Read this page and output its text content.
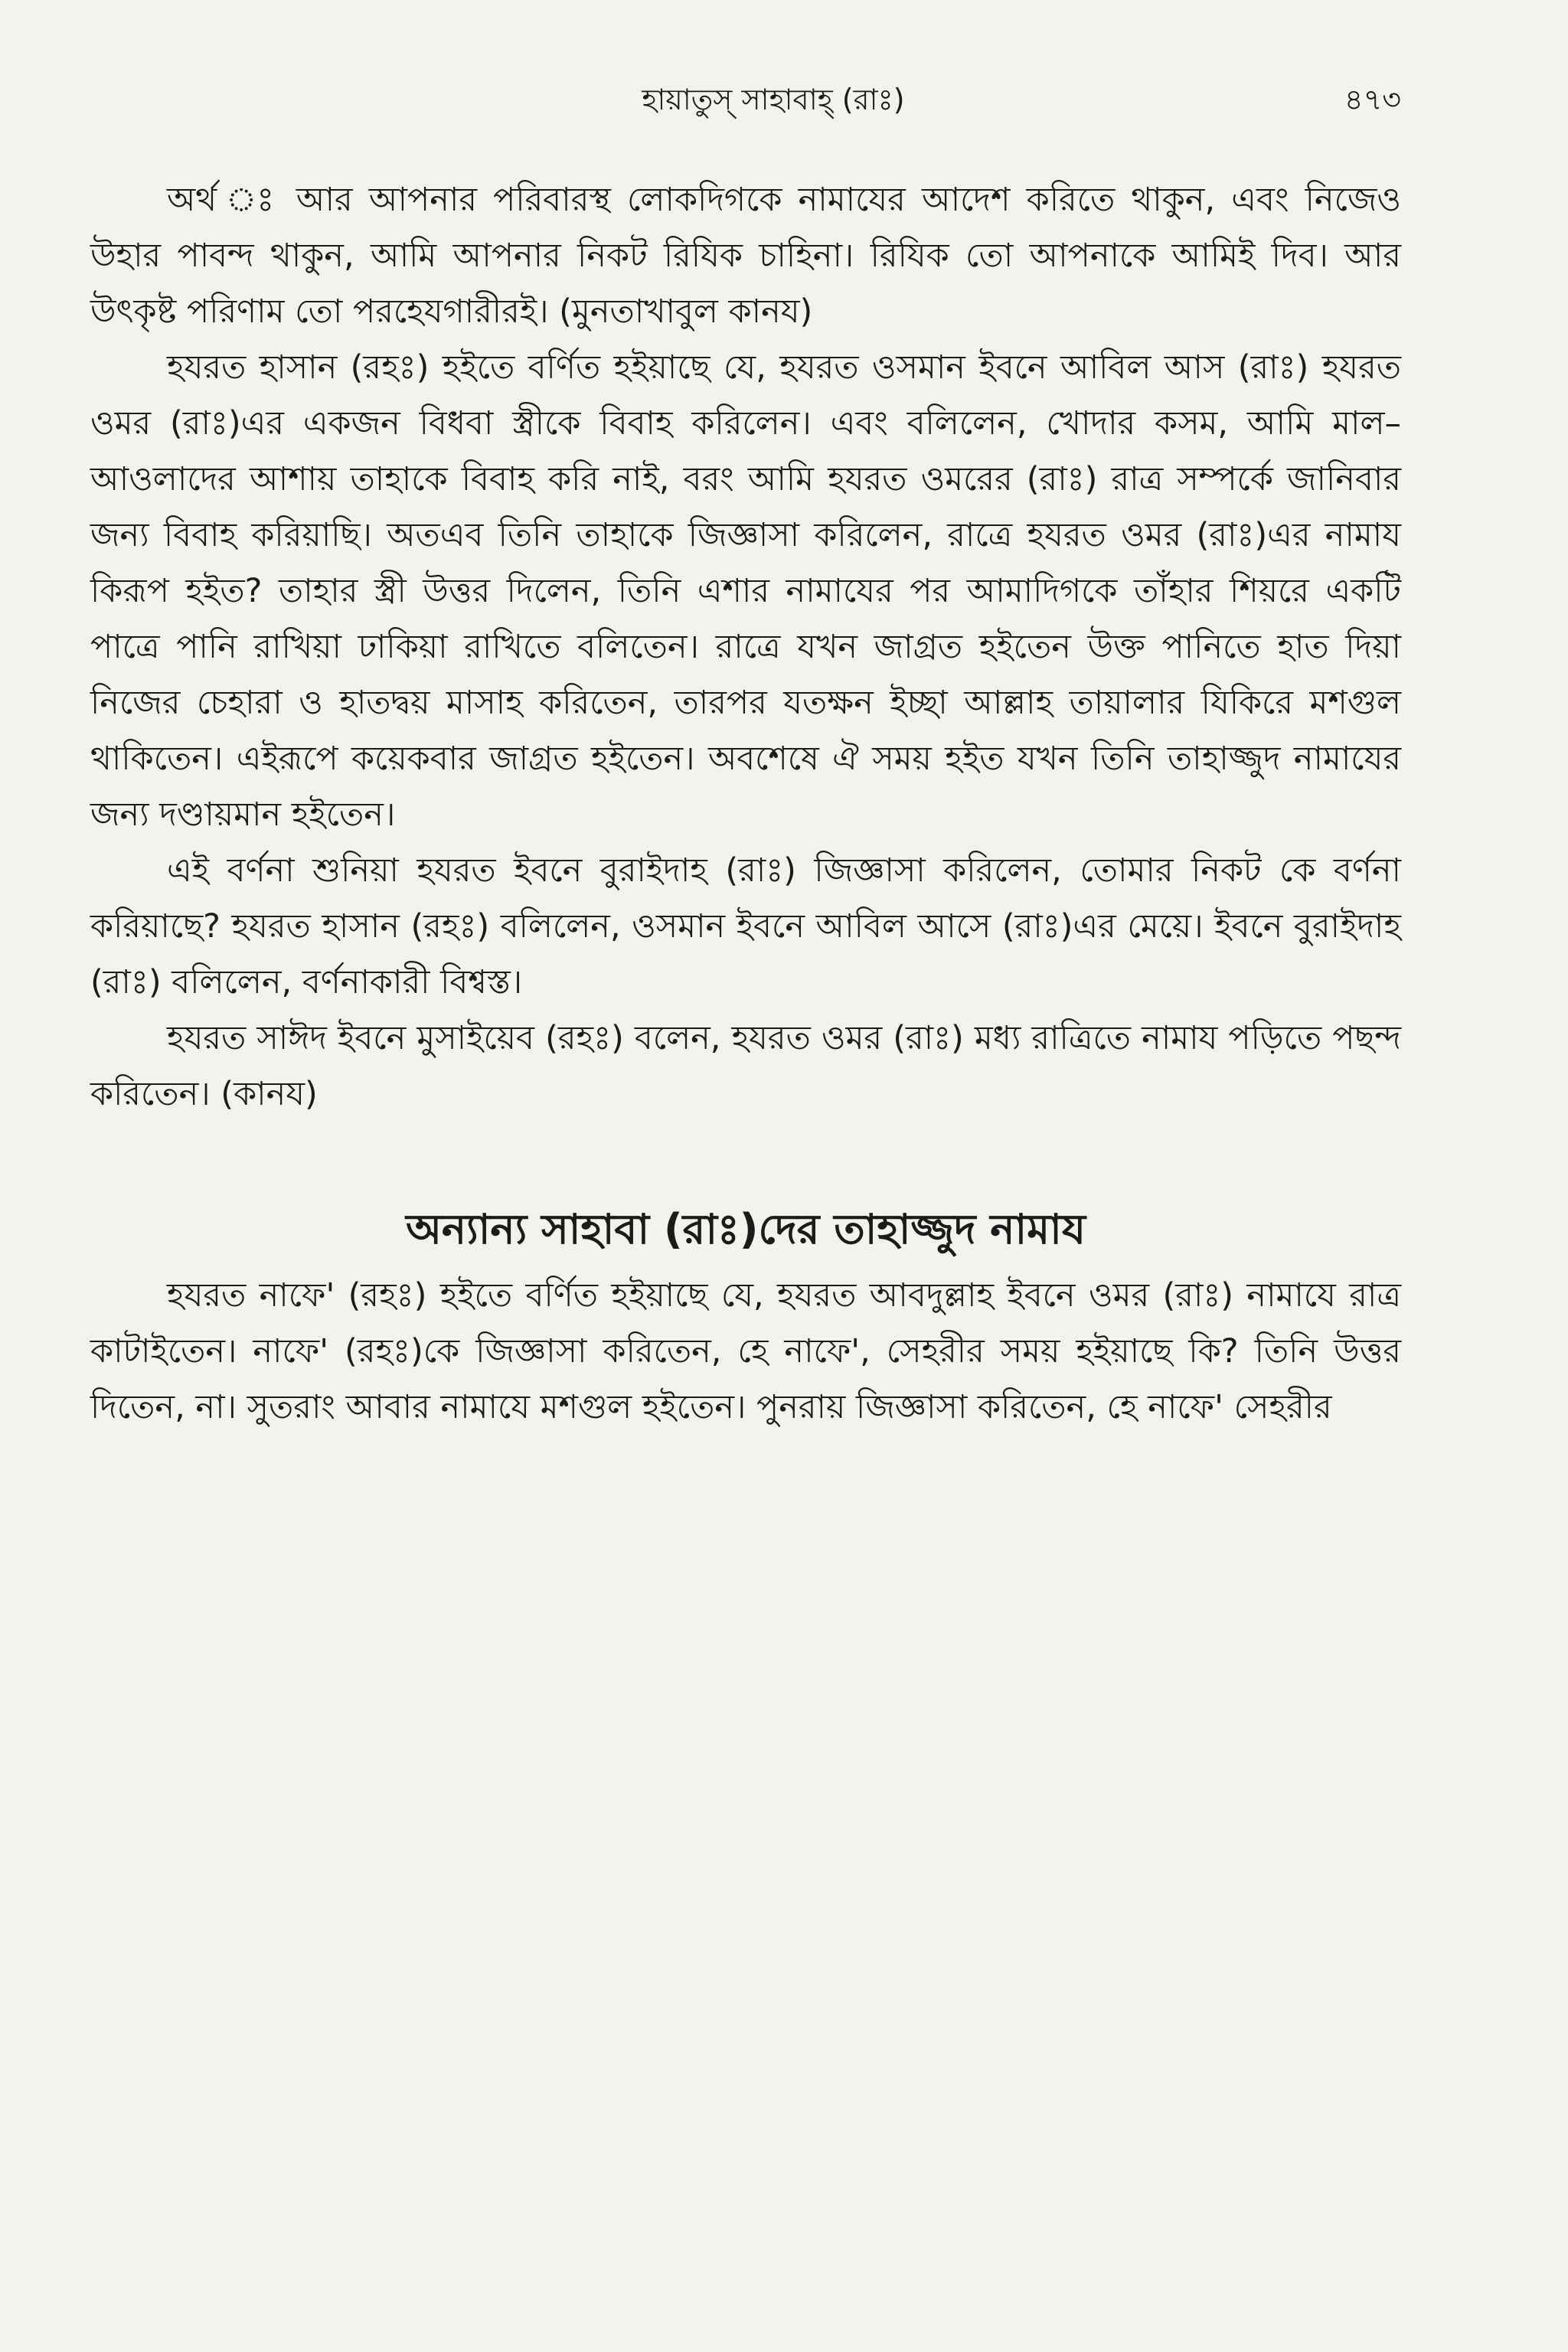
হায়াতুস্ সাহাবাহ্ (রাঃ)	৪৭৩

অর্থ ঃ আর আপনার পরিবারস্থ লোকদিগকে নামাযের আদেশ করিতে থাকুন, এবং নিজেও উহার পাবন্দ থাকুন, আমি আপনার নিকট রিযিক চাহিনা। রিযিক তো আপনাকে আমিই দিব। আর উৎকৃষ্ট পরিণাম তো পরহেযগারীরই। (মুনতাখাবুল কানয)

হযরত হাসান (রহঃ) হইতে বর্ণিত হইয়াছে যে, হযরত ওসমান ইবনে আবিল আস (রাঃ) হযরত ওমর (রাঃ)এর একজন বিধবা স্ত্রীকে বিবাহ করিলেন। এবং বলিলেন, খোদার কসম, আমি মাল–আওলাদের আশায় তাহাকে বিবাহ করি নাই, বরং আমি হযরত ওমরের (রাঃ) রাত্র সম্পর্কে জানিবার জন্য বিবাহ করিয়াছি। অতএব তিনি তাহাকে জিজ্ঞাসা করিলেন, রাত্রে হযরত ওমর (রাঃ)এর নামায কিরূপ হইত? তাহার স্ত্রী উত্তর দিলেন, তিনি এশার নামাযের পর আমাদিগকে তাঁহার শিয়রে একটি পাত্রে পানি রাখিয়া ঢাকিয়া রাখিতে বলিতেন। রাত্রে যখন জাগ্রত হইতেন উক্ত পানিতে হাত দিয়া নিজের চেহারা ও হাতদ্বয় মাসাহ করিতেন, তারপর যতক্ষন ইচ্ছা আল্লাহ তায়ালার যিকিরে মশগুল থাকিতেন। এইরূপে কয়েকবার জাগ্রত হইতেন। অবশেষে ঐ সময় হইত যখন তিনি তাহাজ্জুদ নামাযের জন্য দণ্ডায়মান হইতেন।

এই বর্ণনা শুনিয়া হযরত ইবনে বুরাইদাহ (রাঃ) জিজ্ঞাসা করিলেন, তোমার নিকট কে বর্ণনা করিয়াছে? হযরত হাসান (রহঃ) বলিলেন, ওসমান ইবনে আবিল আসে (রাঃ)এর মেয়ে। ইবনে বুরাইদাহ (রাঃ) বলিলেন, বর্ণনাকারী বিশ্বস্ত।

হযরত সাঈদ ইবনে মুসাইয়েব (রহঃ) বলেন, হযরত ওমর (রাঃ) মধ্য রাত্রিতে নামায পড়িতে পছন্দ করিতেন। (কানয)

অন্যান্য সাহাবা (রাঃ)দের তাহাজ্জুদ নামায

হযরত নাফে' (রহঃ) হইতে বর্ণিত হইয়াছে যে, হযরত আবদুল্লাহ ইবনে ওমর (রাঃ) নামাযে রাত্র কাটাইতেন। নাফে' (রহঃ)কে জিজ্ঞাসা করিতেন, হে নাফে', সেহরীর সময় হইয়াছে কি? তিনি উত্তর দিতেন, না। সুতরাং আবার নামাযে মশগুল হইতেন। পুনরায় জিজ্ঞাসা করিতেন, হে নাফে' সেহরীর
